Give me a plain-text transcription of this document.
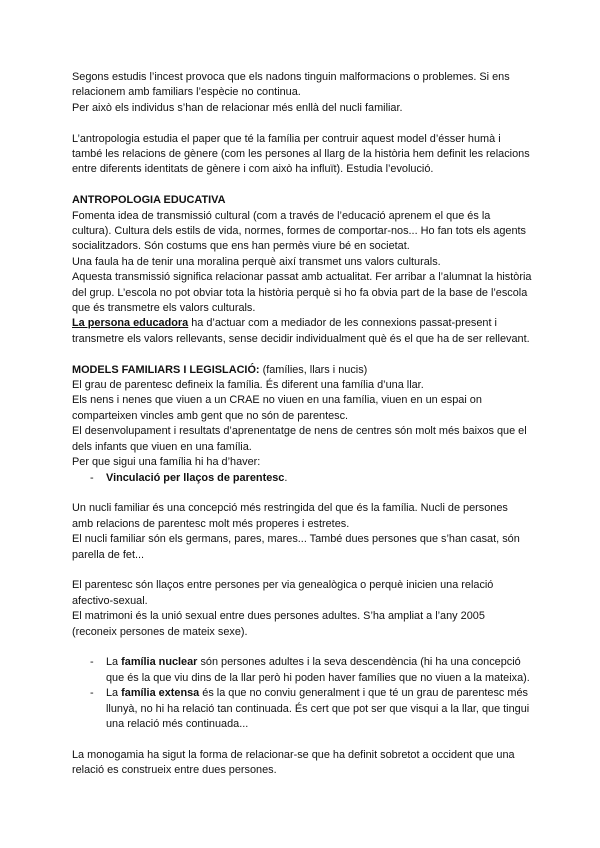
Segons estudis l’incest provoca que els nadons tinguin malformacions o problemes. Si ens relacionem amb familiars l’espècie no continua.

Per això els individus s’han de relacionar més enllà del nucli familiar.

L’antropologia estudia el paper que té la família per contruir aquest model d’ésser humà i també les relacions de gènere (com les persones al llarg de la història hem definit les relacions entre diferents identitats de gènere i com això ha influït). Estudia l’evolució.

ANTROPOLOGIA EDUCATIVA

Fomenta idea de transmissió cultural (com a través de l’educació aprenem el que és la cultura). Cultura dels estils de vida, normes, formes de comportar-nos... Ho fan tots els agents socialitzadors. Són costums que ens han permès viure bé en societat.

Una faula ha de tenir una moralina perquè així transmet uns valors culturals.

Aquesta transmissió significa relacionar passat amb actualitat. Fer arribar a l’alumnat la història del grup. L’escola no pot obviar tota la història perquè si ho fa obvia part de la base de l’escola que és transmetre els valors culturals.

La persona educadora ha d’actuar com a mediador de les connexions passat-present i transmetre els valors rellevants, sense decidir individualment què és el que ha de ser rellevant.

MODELS FAMILIARS I LEGISLACIÓ: (famílies, llars i nucis)

El grau de parentesc defineix la família. És diferent una família d’una llar.

Els nens i nenes que viuen a un CRAE no viuen en una família, viuen en un espai on comparteixen vincles amb gent que no són de parentesc.

El desenvolupament i resultats d’aprenentatge de nens de centres són molt més baixos que el dels infants que viuen en una família.

Per que sigui una família hi ha d’haver:

- Vinculació per llaços de parentesc.

Un nucli familiar és una concepció més restringida del que és la família. Nucli de persones amb relacions de parentesc molt més properes i estretes.

El nucli familiar són els germans, pares, mares... També dues persones que s’han casat, són parella de fet...

El parentesc són llaços entre persones per via genealògica o perquè inicien una relació afectivo-sexual.

El matrimoni és la unió sexual entre dues persones adultes. S’ha ampliat a l’any 2005 (reconeix persones de mateix sexe).

- La família nuclear són persones adultes i la seva descendència (hi ha una concepció que és la que viu dins de la llar però hi poden haver famílies que no viuen a la mateixa).
- La família extensa és la que no conviu generalment i que té un grau de parentesc més llunyà, no hi ha relació tan continuada. És cert que pot ser que visqui a la llar, que tingui una relació més continuada...

La monogamia ha sigut la forma de relacionar-se que ha definit sobretot a occident que una relació es construeix entre dues persones.
